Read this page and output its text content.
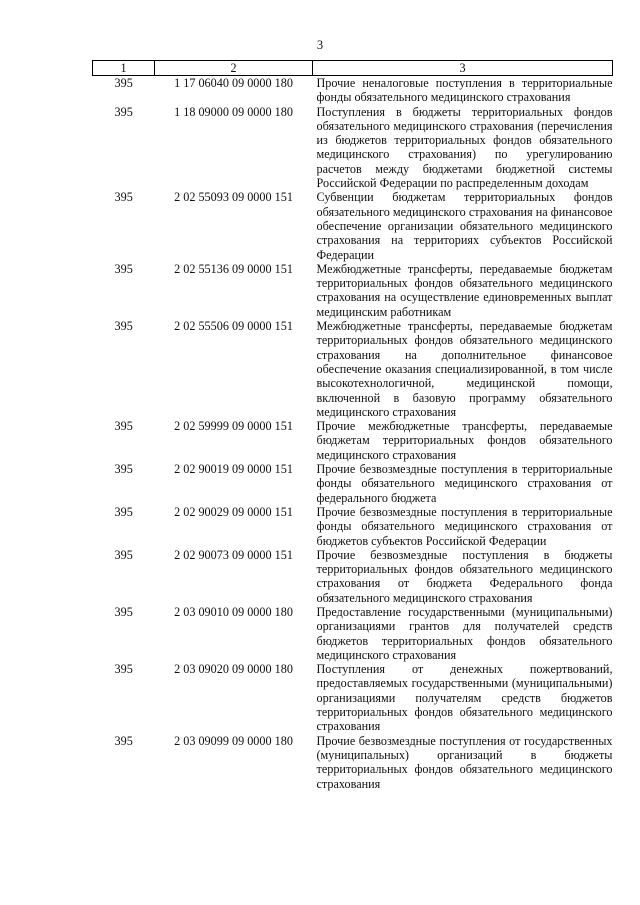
3
1	2	3
395	1 17 06040 09 0000 180	Прочие неналоговые поступления в территориальные фонды обязательного медицинского страхования
395	1 18 09000 09 0000 180	Поступления в бюджеты территориальных фондов обязательного медицинского страхования (перечисления из бюджетов территориальных фондов обязательного медицинского страхования) по урегулированию расчетов между бюджетами бюджетной системы Российской Федерации по распределенным доходам
395	2 02 55093 09 0000 151	Субвенции бюджетам территориальных фондов обязательного медицинского страхования на финансовое обеспечение организации обязательного медицинского страхования на территориях субъектов Российской Федерации
395	2 02 55136 09 0000 151	Межбюджетные трансферты, передаваемые бюджетам территориальных фондов обязательного медицинского страхования на осуществление единовременных выплат медицинским работникам
395	2 02 55506 09 0000 151	Межбюджетные трансферты, передаваемые бюджетам территориальных фондов обязательного медицинского страхования на дополнительное финансовое обеспечение оказания специализированной, в том числе высокотехнологичной, медицинской помощи, включенной в базовую программу обязательного медицинского страхования
395	2 02 59999 09 0000 151	Прочие межбюджетные трансферты, передаваемые бюджетам территориальных фондов обязательного медицинского страхования
395	2 02 90019 09 0000 151	Прочие безвозмездные поступления в территориальные фонды обязательного медицинского страхования от федерального бюджета
395	2 02 90029 09 0000 151	Прочие безвозмездные поступления в территориальные фонды обязательного медицинского страхования от бюджетов субъектов Российской Федерации
395	2 02 90073 09 0000 151	Прочие безвозмездные поступления в бюджеты территориальных фондов обязательного медицинского страхования от бюджета Федерального фонда обязательного медицинского страхования
395	2 03 09010 09 0000 180	Предоставление государственными (муниципальными) организациями грантов для получателей средств бюджетов территориальных фондов обязательного медицинского страхования
395	2 03 09020 09 0000 180	Поступления от денежных пожертвований, предоставляемых государственными (муниципальными) организациями получателям средств бюджетов территориальных фондов обязательного медицинского страхования
395	2 03 09099 09 0000 180	Прочие безвозмездные поступления от государственных (муниципальных) организаций в бюджеты территориальных фондов обязательного медицинского страхования
